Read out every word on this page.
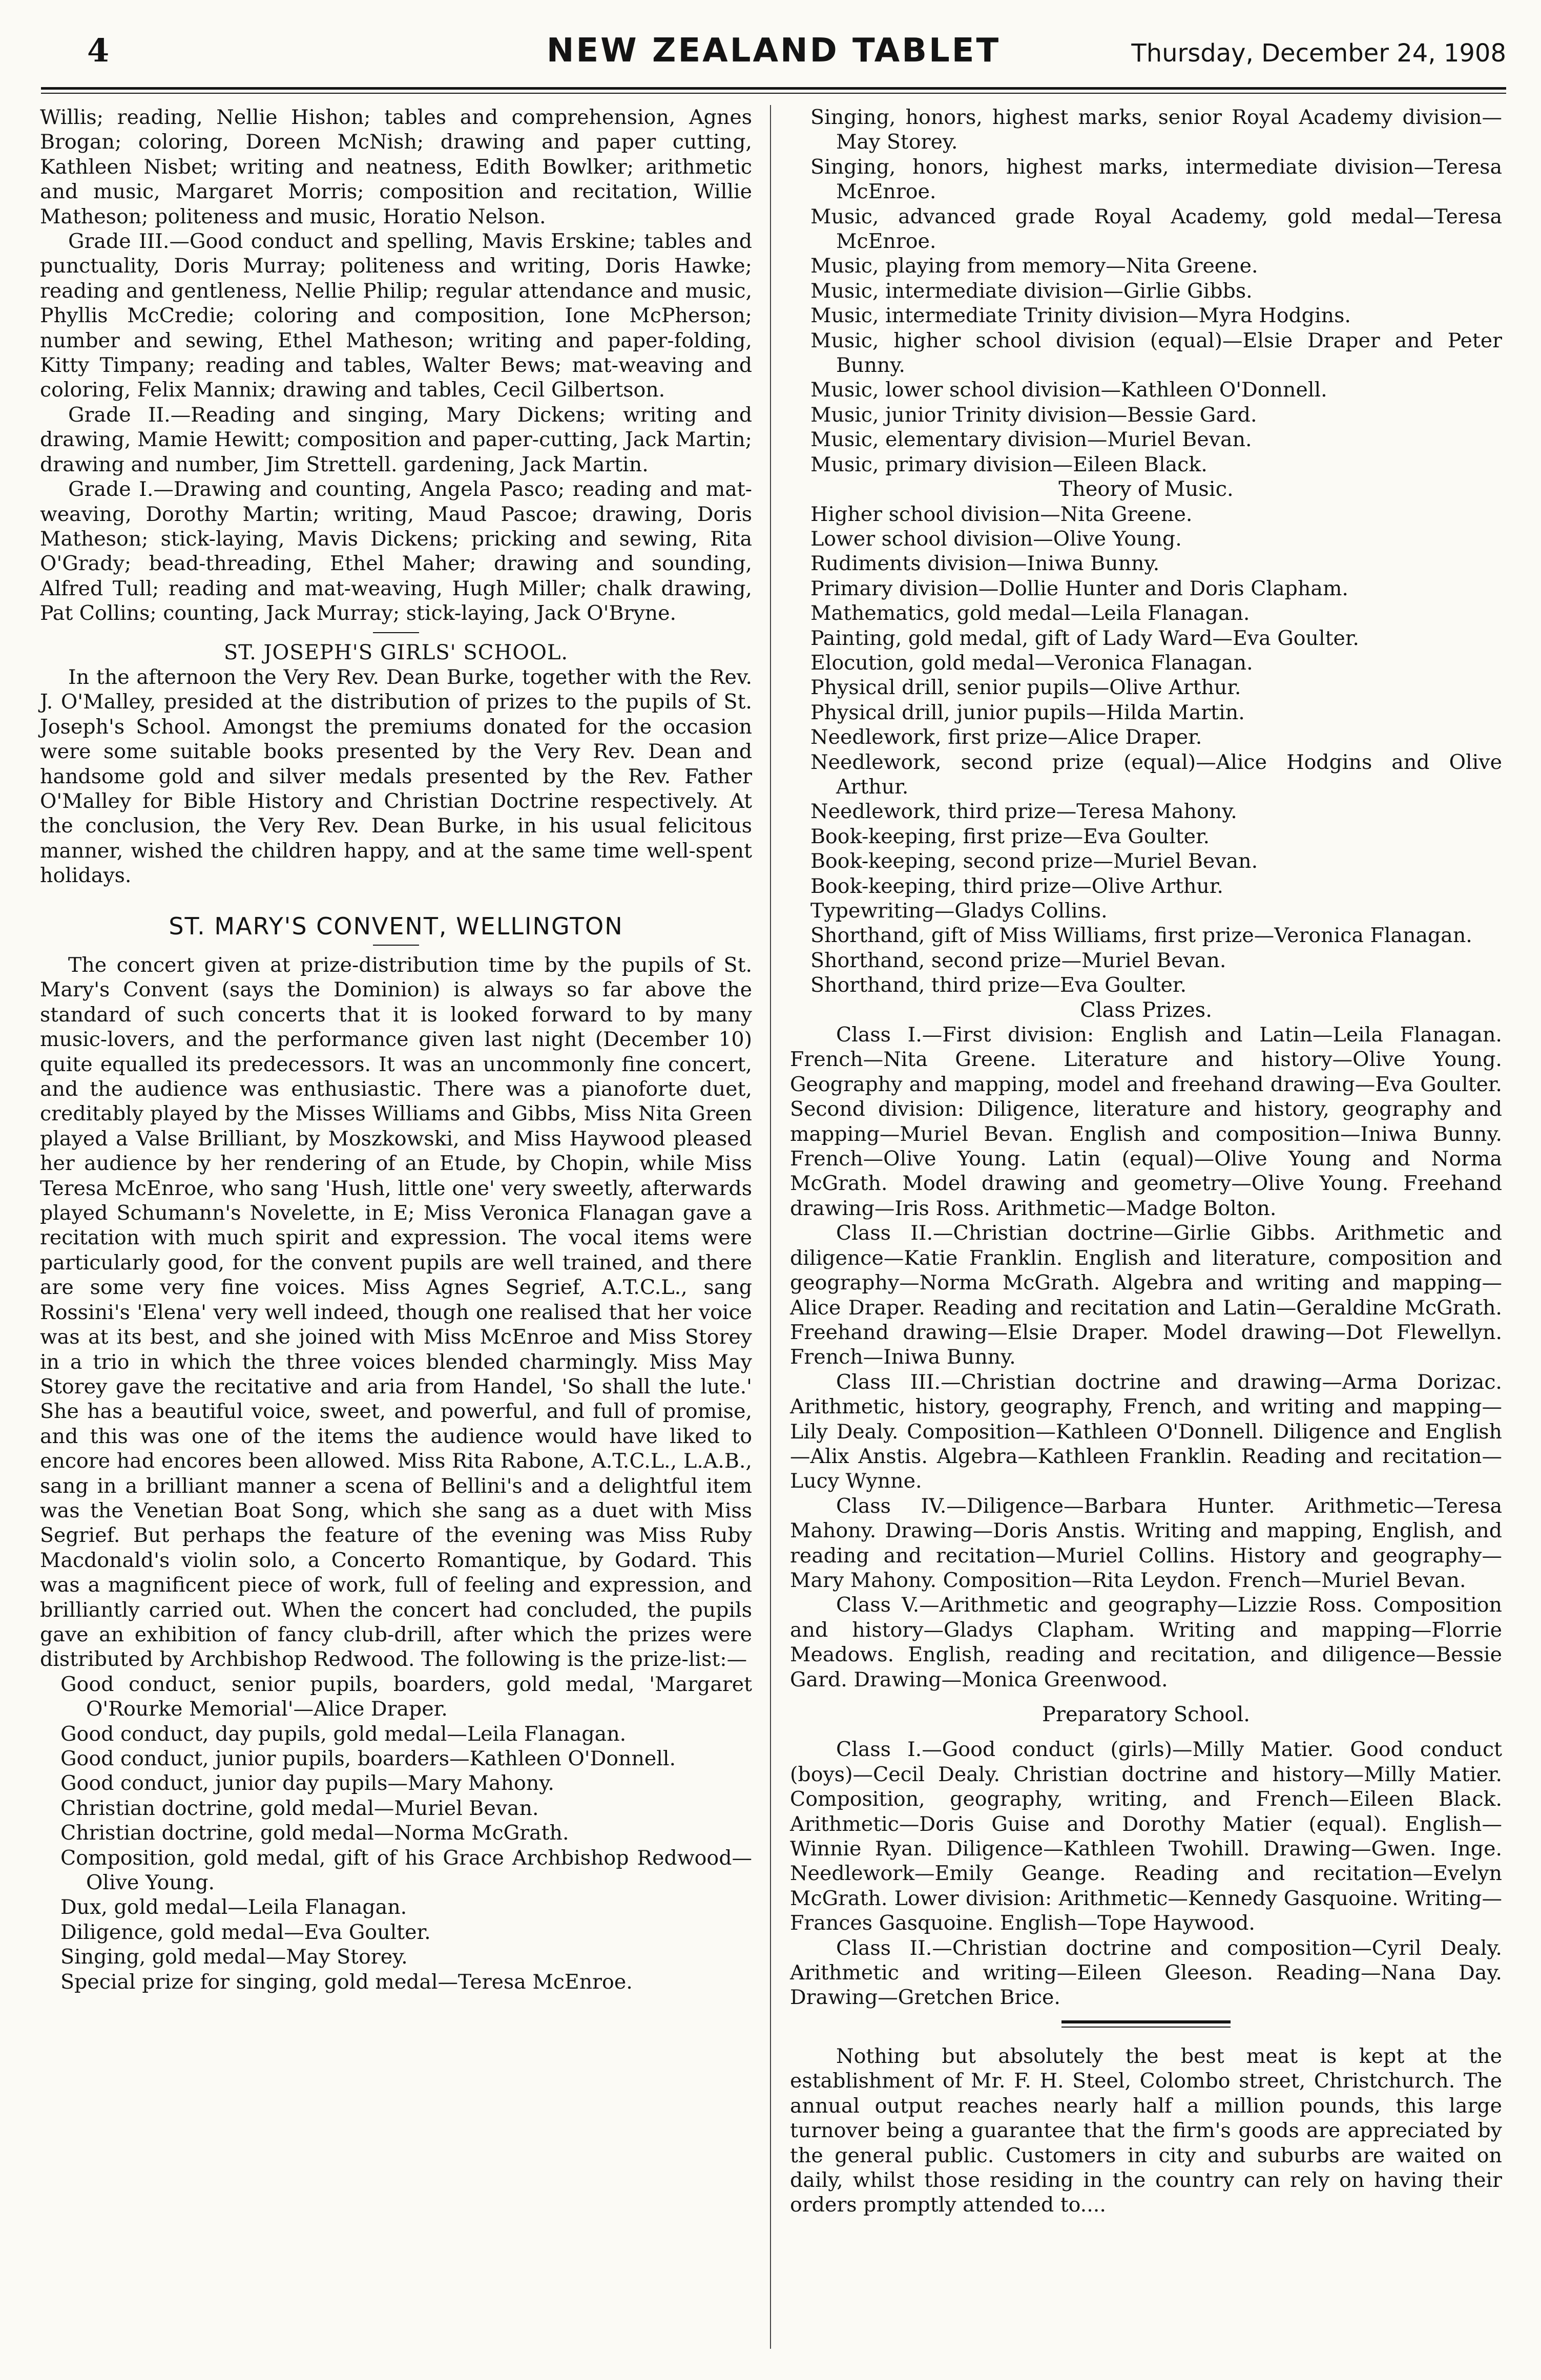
4	NEW ZEALAND TABLET	Thursday, December 24, 1908

Willis; reading, Nellie Hishon; tables and comprehension, Agnes Brogan; coloring, Doreen McNish; drawing and paper cutting, Kathleen Nisbet; writing and neatness, Edith Bowlker; arithmetic and music, Margaret Morris; composition and recitation, Willie Matheson; politeness and music, Horatio Nelson.

Grade III.—Good conduct and spelling, Mavis Erskine; tables and punctuality, Doris Murray; politeness and writing, Doris Hawke; reading and gentleness, Nellie Philip; regular attendance and music, Phyllis McCredie; coloring and composition, Ione McPherson; number and sewing, Ethel Matheson; writing and paper-folding, Kitty Timpany; reading and tables, Walter Bews; mat-weaving and coloring, Felix Mannix; drawing and tables, Cecil Gilbertson.

Grade II.—Reading and singing, Mary Dickens; writing and drawing, Mamie Hewitt; composition and paper-cutting, Jack Martin; drawing and number, Jim Strettell. gardening, Jack Martin.

Grade I.—Drawing and counting, Angela Pasco; reading and mat-weaving, Dorothy Martin; writing, Maud Pascoe; drawing, Doris Matheson; stick-laying, Mavis Dickens; pricking and sewing, Rita O'Grady; bead-threading, Ethel Maher; drawing and sounding, Alfred Tull; reading and mat-weaving, Hugh Miller; chalk drawing, Pat Collins; counting, Jack Murray; stick-laying, Jack O'Bryne.

ST. JOSEPH'S GIRLS' SCHOOL.

In the afternoon the Very Rev. Dean Burke, together with the Rev. J. O'Malley, presided at the distribution of prizes to the pupils of St. Joseph's School. Amongst the premiums donated for the occasion were some suitable books presented by the Very Rev. Dean and handsome gold and silver medals presented by the Rev. Father O'Malley for Bible History and Christian Doctrine respectively. At the conclusion, the Very Rev. Dean Burke, in his usual felicitous manner, wished the children happy, and at the same time well-spent holidays.

ST. MARY'S CONVENT, WELLINGTON

The concert given at prize-distribution time by the pupils of St. Mary's Convent (says the Dominion) is always so far above the standard of such concerts that it is looked forward to by many music-lovers, and the performance given last night (December 10) quite equalled its predecessors. It was an uncommonly fine concert, and the audience was enthusiastic. There was a pianoforte duet, creditably played by the Misses Williams and Gibbs, Miss Nita Green played a Valse Brilliant, by Moszkowski, and Miss Haywood pleased her audience by her rendering of an Etude, by Chopin, while Miss Teresa McEnroe, who sang 'Hush, little one' very sweetly, afterwards played Schumann's Novelette, in E; Miss Veronica Flanagan gave a recitation with much spirit and expression. The vocal items were particularly good, for the convent pupils are well trained, and there are some very fine voices. Miss Agnes Segrief, A.T.C.L., sang Rossini's 'Elena' very well indeed, though one realised that her voice was at its best, and she joined with Miss McEnroe and Miss Storey in a trio in which the three voices blended charmingly. Miss May Storey gave the recitative and aria from Handel, 'So shall the lute.' She has a beautiful voice, sweet, and powerful, and full of promise, and this was one of the items the audience would have liked to encore had encores been allowed. Miss Rita Rabone, A.T.C.L., L.A.B., sang in a brilliant manner a scena of Bellini's and a delightful item was the Venetian Boat Song, which she sang as a duet with Miss Segrief. But perhaps the feature of the evening was Miss Ruby Macdonald's violin solo, a Concerto Romantique, by Godard. This was a magnificent piece of work, full of feeling and expression, and brilliantly carried out. When the concert had concluded, the pupils gave an exhibition of fancy club-drill, after which the prizes were distributed by Archbishop Redwood. The following is the prize-list:—

Good conduct, senior pupils, boarders, gold medal, 'Margaret O'Rourke Memorial'—Alice Draper.

Good conduct, day pupils, gold medal—Leila Flanagan.

Good conduct, junior pupils, boarders—Kathleen O'Donnell.

Good conduct, junior day pupils—Mary Mahony.

Christian doctrine, gold medal—Muriel Bevan.

Christian doctrine, gold medal—Norma McGrath.

Composition, gold medal, gift of his Grace Archbishop Redwood—Olive Young.

Dux, gold medal—Leila Flanagan.

Diligence, gold medal—Eva Goulter.

Singing, gold medal—May Storey.

Special prize for singing, gold medal—Teresa McEnroe.

Singing, honors, highest marks, senior Royal Academy division—May Storey.

Singing, honors, highest marks, intermediate division—Teresa McEnroe.

Music, advanced grade Royal Academy, gold medal—Teresa McEnroe.

Music, playing from memory—Nita Greene.

Music, intermediate division—Girlie Gibbs.

Music, intermediate Trinity division—Myra Hodgins.

Music, higher school division (equal)—Elsie Draper and Peter Bunny.

Music, lower school division—Kathleen O'Donnell.

Music, junior Trinity division—Bessie Gard.

Music, elementary division—Muriel Bevan.

Music, primary division—Eileen Black.

Theory of Music.

Higher school division—Nita Greene.

Lower school division—Olive Young.

Rudiments division—Iniwa Bunny.

Primary division—Dollie Hunter and Doris Clapham.

Mathematics, gold medal—Leila Flanagan.

Painting, gold medal, gift of Lady Ward—Eva Goulter.

Elocution, gold medal—Veronica Flanagan.

Physical drill, senior pupils—Olive Arthur.

Physical drill, junior pupils—Hilda Martin.

Needlework, first prize—Alice Draper.

Needlework, second prize (equal)—Alice Hodgins and Olive Arthur.

Needlework, third prize—Teresa Mahony.

Book-keeping, first prize—Eva Goulter.

Book-keeping, second prize—Muriel Bevan.

Book-keeping, third prize—Olive Arthur.

Typewriting—Gladys Collins.

Shorthand, gift of Miss Williams, first prize—Veronica Flanagan.

Shorthand, second prize—Muriel Bevan.

Shorthand, third prize—Eva Goulter.

Class Prizes.

Class I.—First division: English and Latin—Leila Flanagan. French—Nita Greene. Literature and history—Olive Young. Geography and mapping, model and freehand drawing—Eva Goulter. Second division: Diligence, literature and history, geography and mapping—Muriel Bevan. English and composition—Iniwa Bunny. French—Olive Young. Latin (equal)—Olive Young and Norma McGrath. Model drawing and geometry—Olive Young. Freehand drawing—Iris Ross. Arithmetic—Madge Bolton.

Class II.—Christian doctrine—Girlie Gibbs. Arithmetic and diligence—Katie Franklin. English and literature, composition and geography—Norma McGrath. Algebra and writing and mapping—Alice Draper. Reading and recitation and Latin—Geraldine McGrath. Freehand drawing—Elsie Draper. Model drawing—Dot Flewellyn. French—Iniwa Bunny.

Class III.—Christian doctrine and drawing—Arma Dorizac. Arithmetic, history, geography, French, and writing and mapping—Lily Dealy. Composition—Kathleen O'Donnell. Diligence and English—Alix Anstis. Algebra—Kathleen Franklin. Reading and recitation—Lucy Wynne.

Class IV.—Diligence—Barbara Hunter. Arithmetic—Teresa Mahony. Drawing—Doris Anstis. Writing and mapping, English, and reading and recitation—Muriel Collins. History and geography—Mary Mahony. Composition—Rita Leydon. French—Muriel Bevan.

Class V.—Arithmetic and geography—Lizzie Ross. Composition and history—Gladys Clapham. Writing and mapping—Florrie Meadows. English, reading and recitation, and diligence—Bessie Gard. Drawing—Monica Greenwood.

Preparatory School.

Class I.—Good conduct (girls)—Milly Matier. Good conduct (boys)—Cecil Dealy. Christian doctrine and history—Milly Matier. Composition, geography, writing, and French—Eileen Black. Arithmetic—Doris Guise and Dorothy Matier (equal). English—Winnie Ryan. Diligence—Kathleen Twohill. Drawing—Gwen. Inge. Needlework—Emily Geange. Reading and recitation—Evelyn McGrath. Lower division: Arithmetic—Kennedy Gasquoine. Writing—Frances Gasquoine. English—Tope Haywood.

Class II.—Christian doctrine and composition—Cyril Dealy. Arithmetic and writing—Eileen Gleeson. Reading—Nana Day. Drawing—Gretchen Brice.

Nothing but absolutely the best meat is kept at the establishment of Mr. F. H. Steel, Colombo street, Christchurch. The annual output reaches nearly half a million pounds, this large turnover being a guarantee that the firm's goods are appreciated by the general public. Customers in city and suburbs are waited on daily, whilst those residing in the country can rely on having their orders promptly attended to....
